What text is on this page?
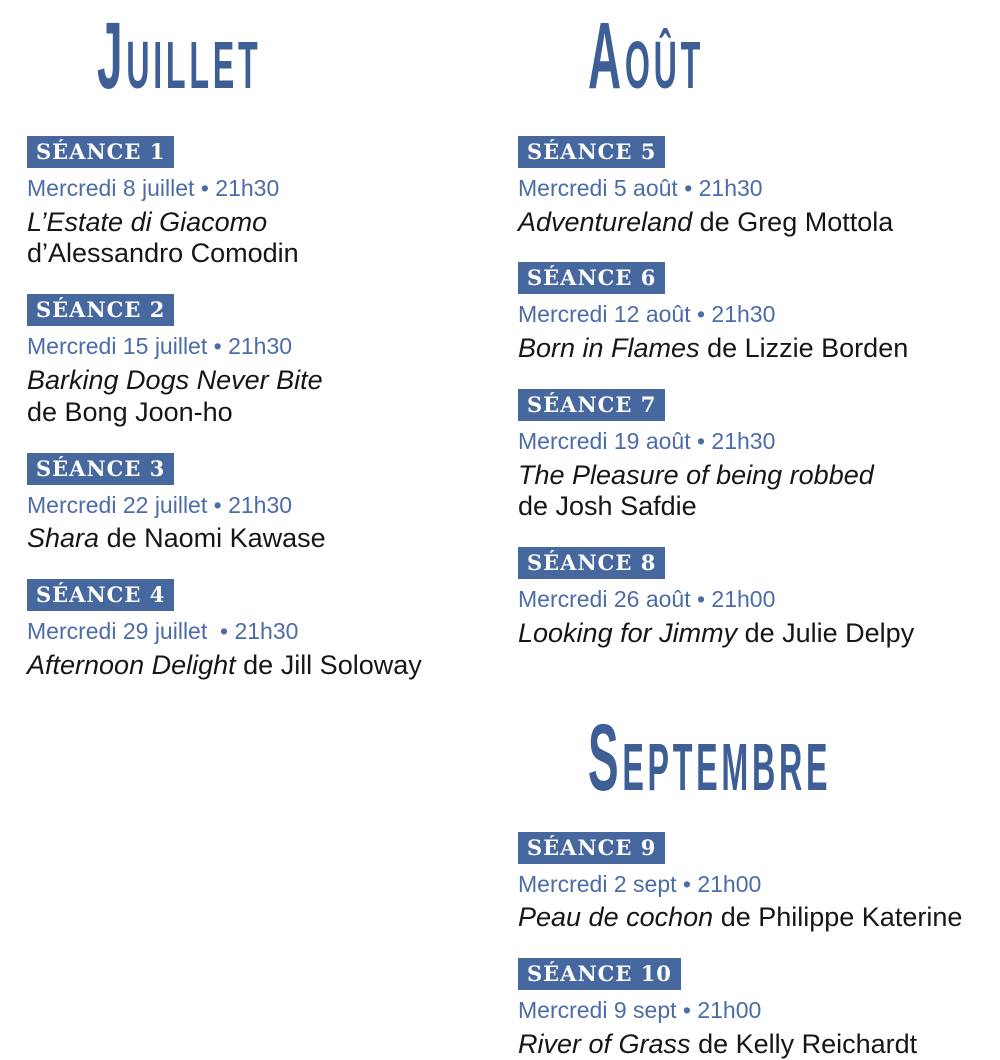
JUILLET
SÉANCE 1
Mercredi 8 juillet • 21h30

L’Estate di Giacomo
d’Alessandro Comodin

SÉANCE 2
Mercredi 15 juillet • 21h30

Barking Dogs Never Bite
de Bong Joon-ho

SÉANCE 3
Mercredi 22 juillet • 21h30

Shara de Naomi Kawase

SÉANCE 4
Mercredi 29 juillet  • 21h30

Afternoon Delight de Jill Soloway

AOÛT
SÉANCE 5
Mercredi 5 août • 21h30

Adventureland de Greg Mottola

SÉANCE 6
Mercredi 12 août • 21h30

Born in Flames de Lizzie Borden

SÉANCE 7
Mercredi 19 août • 21h30

The Pleasure of being robbed
de Josh Safdie

SÉANCE 8
Mercredi 26 août • 21h00

Looking for Jimmy de Julie Delpy

SEPTEMBRE
SÉANCE 9
Mercredi 2 sept • 21h00

Peau de cochon de Philippe Katerine

SÉANCE 10
Mercredi 9 sept • 21h00

River of Grass de Kelly Reichardt
